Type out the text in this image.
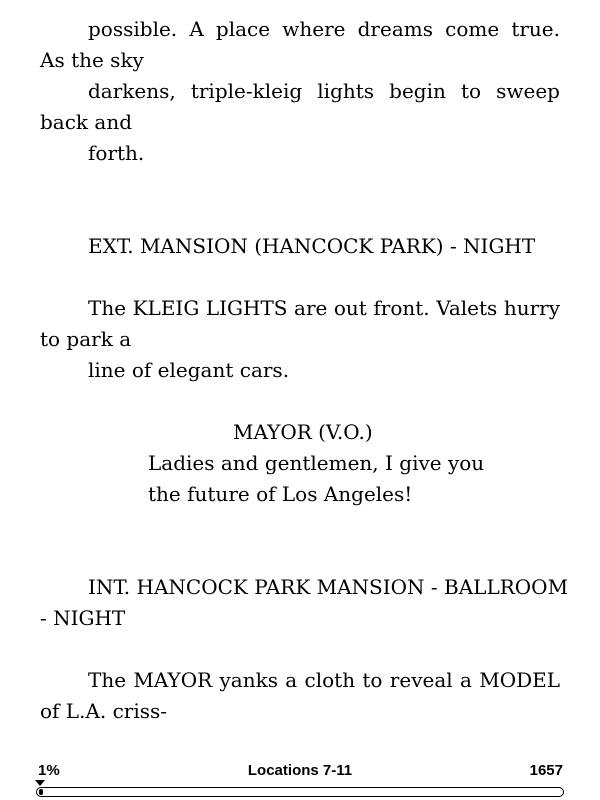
possible. A place where dreams come true.
As the sky
darkens, triple-kleig lights begin to sweep
back and
forth.
EXT. MANSION (HANCOCK PARK) - NIGHT
The KLEIG LIGHTS are out front. Valets hurry
to park a
line of elegant cars.
MAYOR (V.O.)
Ladies and gentlemen, I give you
the future of Los Angeles!
INT. HANCOCK PARK MANSION - BALLROOM
- NIGHT
The MAYOR yanks a cloth to reveal a MODEL
of L.A. criss-
1%	Locations 7-11	1657
